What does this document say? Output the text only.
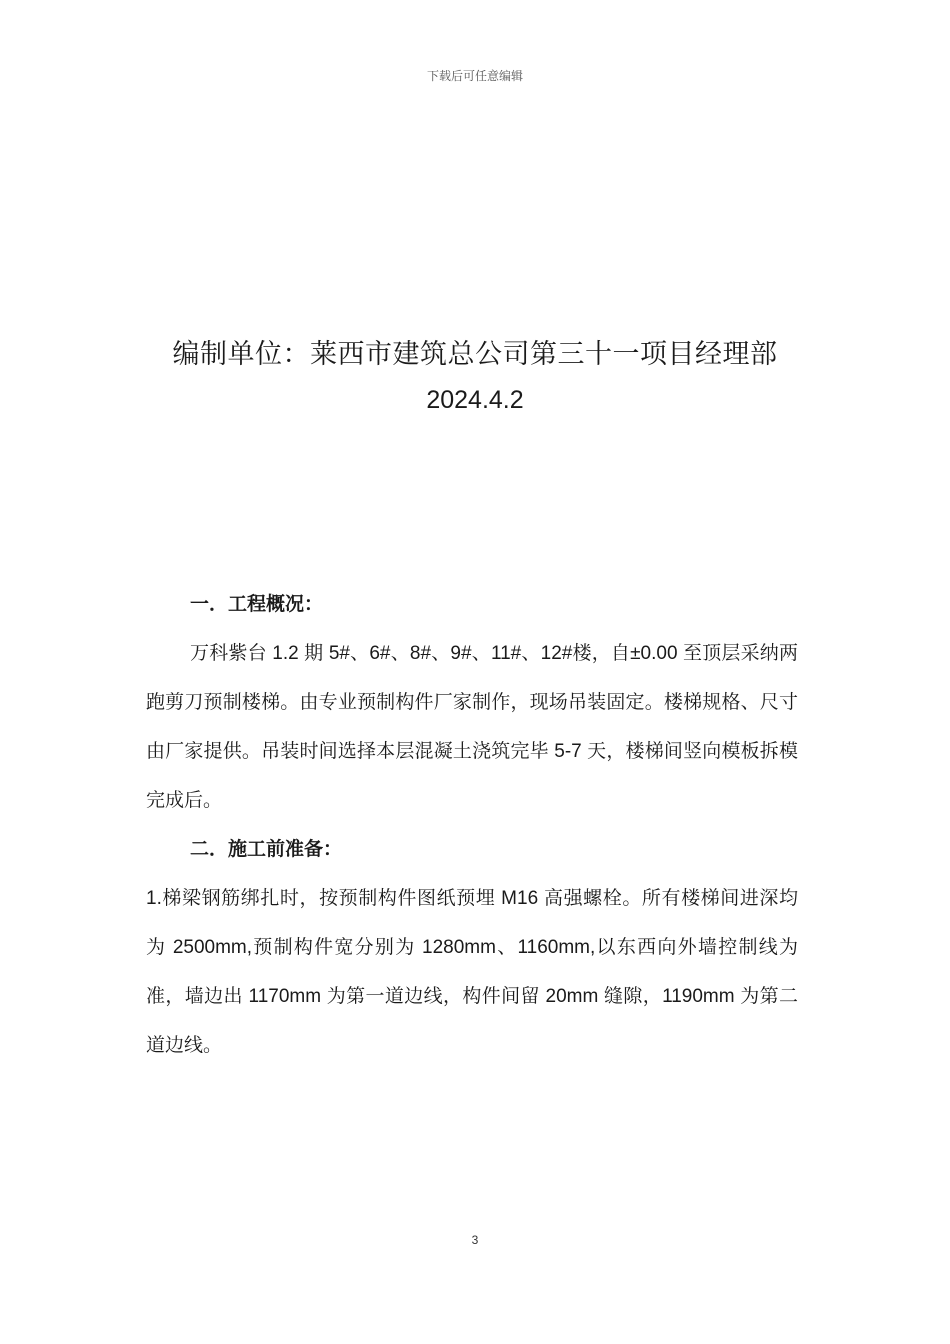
下载后可任意编辑
编制单位：莱西市建筑总公司第三十一项目经理部
2024.4.2

一．工程概况：

万科紫台 1.2 期 5#、6#、8#、9#、11#、12#楼，自±0.00 至顶层采纳两跑剪刀预制楼梯。由专业预制构件厂家制作，现场吊装固定。楼梯规格、尺寸由厂家提供。吊装时间选择本层混凝土浇筑完毕 5-7 天，楼梯间竖向模板拆模完成后。

二．施工前准备：

1.梯梁钢筋绑扎时，按预制构件图纸预埋 M16 高强螺栓。所有楼梯间进深均为 2500mm,预制构件宽分别为 1280mm、1160mm,以东西向外墙控制线为准，墙边出 1170mm 为第一道边线，构件间留 20mm 缝隙，1190mm 为第二道边线。

3
